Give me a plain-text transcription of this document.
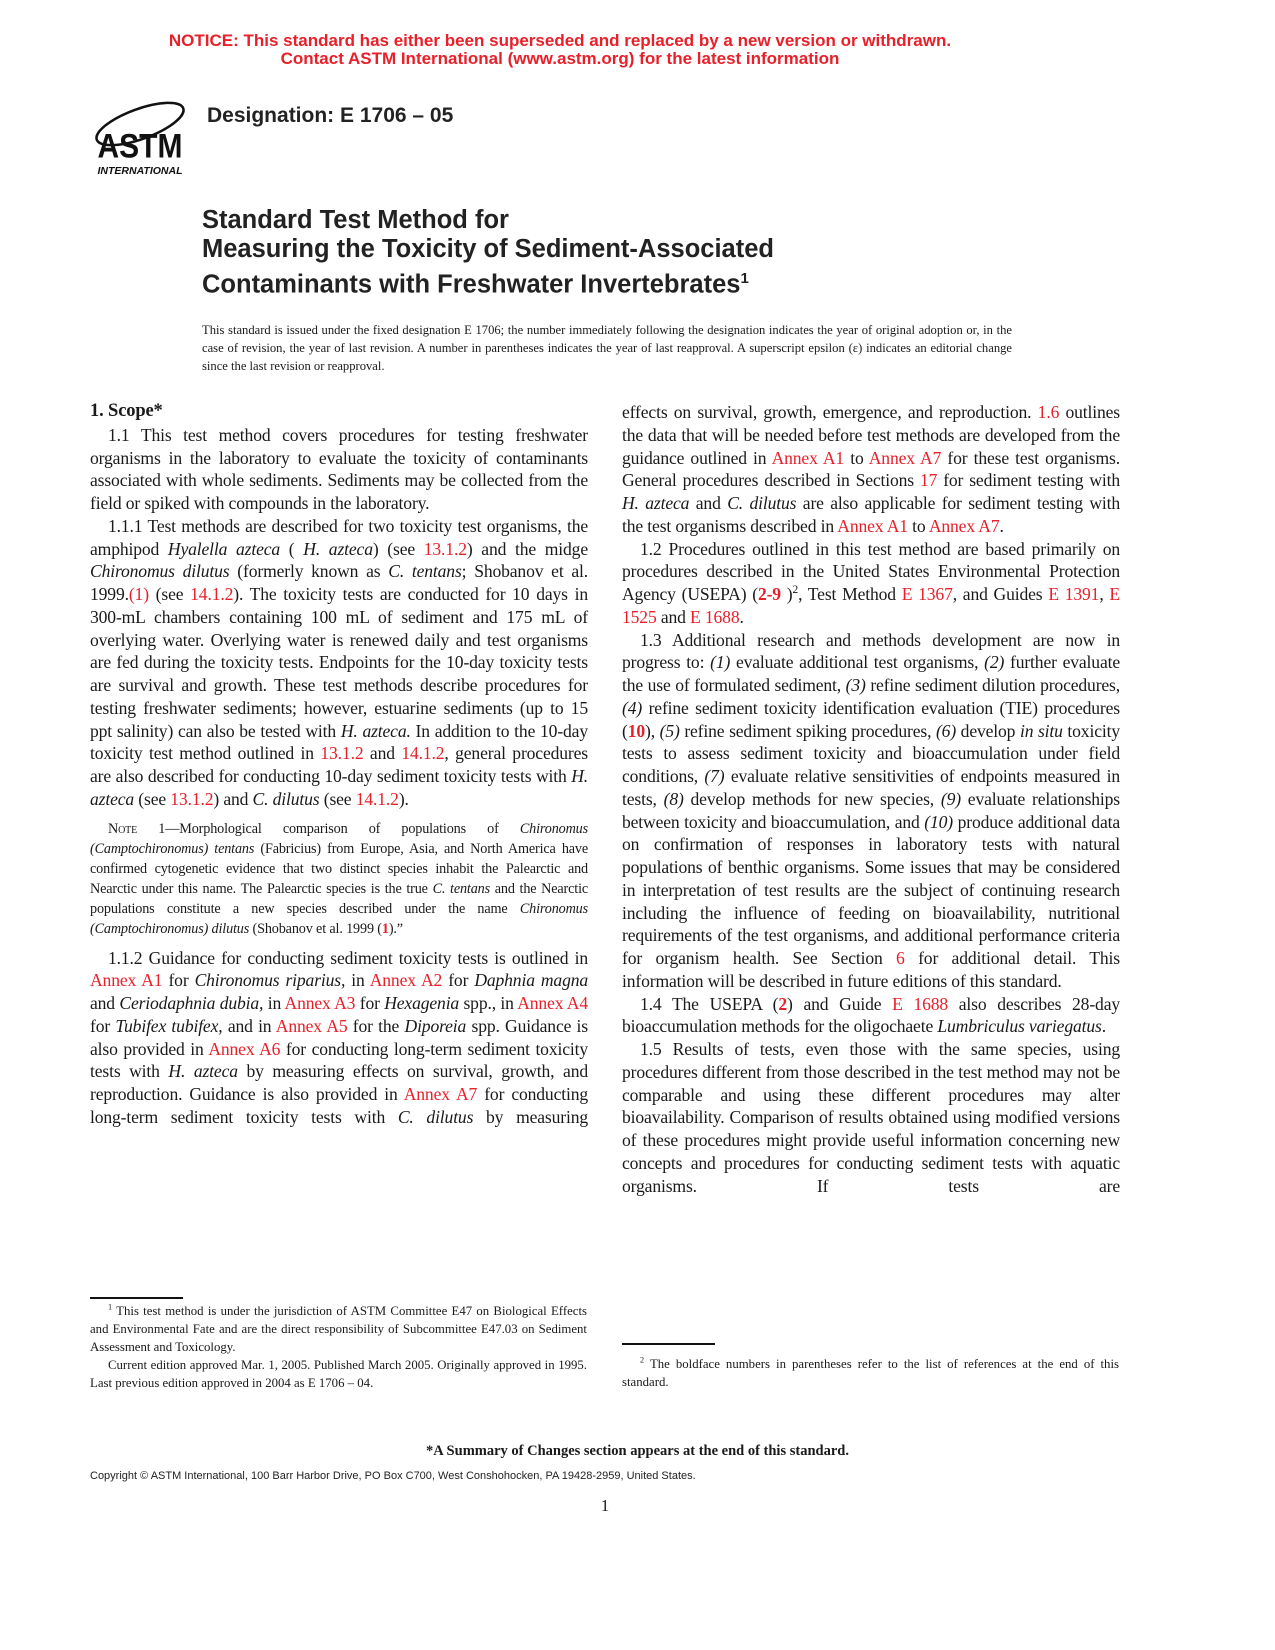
NOTICE: This standard has either been superseded and replaced by a new version or withdrawn.
Contact ASTM International (www.astm.org) for the latest information
ASTM
INTERNATIONAL
Designation: E 1706 – 05
Standard Test Method for
Measuring the Toxicity of Sediment-Associated
Contaminants with Freshwater Invertebrates$^1$
This standard is issued under the fixed designation E 1706; the number immediately following the designation indicates the year of original adoption or, in the case of revision, the year of last revision. A number in parentheses indicates the year of last reapproval. A superscript epsilon (ε) indicates an editorial change since the last revision or reapproval.
1. Scope*

1.1 This test method covers procedures for testing freshwater organisms in the laboratory to evaluate the toxicity of contaminants associated with whole sediments. Sediments may be collected from the field or spiked with compounds in the laboratory.

1.1.1 Test methods are described for two toxicity test organisms, the amphipod Hyalella azteca ( H. azteca) (see 13.1.2) and the midge Chironomus dilutus (formerly known as C. tentans; Shobanov et al. 1999.(1) (see 14.1.2). The toxicity tests are conducted for 10 days in 300-mL chambers containing 100 mL of sediment and 175 mL of overlying water. Overlying water is renewed daily and test organisms are fed during the toxicity tests. Endpoints for the 10-day toxicity tests are survival and growth. These test methods describe procedures for testing freshwater sediments; however, estuarine sediments (up to 15 ppt salinity) can also be tested with H. azteca. In addition to the 10-day toxicity test method outlined in 13.1.2 and 14.1.2, general procedures are also described for conducting 10-day sediment toxicity tests with H. azteca (see 13.1.2) and C. dilutus (see 14.1.2).

Note 1—Morphological comparison of populations of Chironomus (Camptochironomus) tentans (Fabricius) from Europe, Asia, and North America have confirmed cytogenetic evidence that two distinct species inhabit the Palearctic and Nearctic under this name. The Palearctic species is the true C. tentans and the Nearctic populations constitute a new species described under the name Chironomus (Camptochironomus) dilutus (Shobanov et al. 1999 (1).”

1.1.2 Guidance for conducting sediment toxicity tests is outlined in Annex A1 for Chironomus riparius, in Annex A2 for Daphnia magna and Ceriodaphnia dubia, in Annex A3 for Hexagenia spp., in Annex A4 for Tubifex tubifex, and in Annex A5 for the Diporeia spp. Guidance is also provided in Annex A6 for conducting long-term sediment toxicity tests with H. azteca by measuring effects on survival, growth, and reproduction. Guidance is also provided in Annex A7 for conducting long-term sediment toxicity tests with C. dilutus by measuring

effects on survival, growth, emergence, and reproduction. 1.6 outlines the data that will be needed before test methods are developed from the guidance outlined in Annex A1 to Annex A7 for these test organisms. General procedures described in Sections 17 for sediment testing with H. azteca and C. dilutus are also applicable for sediment testing with the test organisms described in Annex A1 to Annex A7.

1.2 Procedures outlined in this test method are based primarily on procedures described in the United States Environmental Protection Agency (USEPA) (2-9 )$^2$, Test Method E 1367, and Guides E 1391, E 1525 and E 1688.

1.3 Additional research and methods development are now in progress to: (1) evaluate additional test organisms, (2) further evaluate the use of formulated sediment, (3) refine sediment dilution procedures, (4) refine sediment toxicity identification evaluation (TIE) procedures (10), (5) refine sediment spiking procedures, (6) develop in situ toxicity tests to assess sediment toxicity and bioaccumulation under field conditions, (7) evaluate relative sensitivities of endpoints measured in tests, (8) develop methods for new species, (9) evaluate relationships between toxicity and bioaccumulation, and (10) produce additional data on confirmation of responses in laboratory tests with natural populations of benthic organisms. Some issues that may be considered in interpretation of test results are the subject of continuing research including the influence of feeding on bioavailability, nutritional requirements of the test organisms, and additional performance criteria for organism health. See Section 6 for additional detail. This information will be described in future editions of this standard.

1.4 The USEPA (2) and Guide E 1688 also describes 28-day bioaccumulation methods for the oligochaete Lumbriculus variegatus.

1.5 Results of tests, even those with the same species, using procedures different from those described in the test method may not be comparable and using these different procedures may alter bioavailability. Comparison of results obtained using modified versions of these procedures might provide useful information concerning new concepts and procedures for conducting sediment tests with aquatic organisms. If tests are

$^1$ This test method is under the jurisdiction of ASTM Committee E47 on Biological Effects and Environmental Fate and are the direct responsibility of Subcommittee E47.03 on Sediment Assessment and Toxicology.

Current edition approved Mar. 1, 2005. Published March 2005. Originally approved in 1995. Last previous edition approved in 2004 as E 1706 – 04.

$^2$ The boldface numbers in parentheses refer to the list of references at the end of this standard.

*A Summary of Changes section appears at the end of this standard.
Copyright © ASTM International, 100 Barr Harbor Drive, PO Box C700, West Conshohocken, PA 19428-2959, United States.
1
